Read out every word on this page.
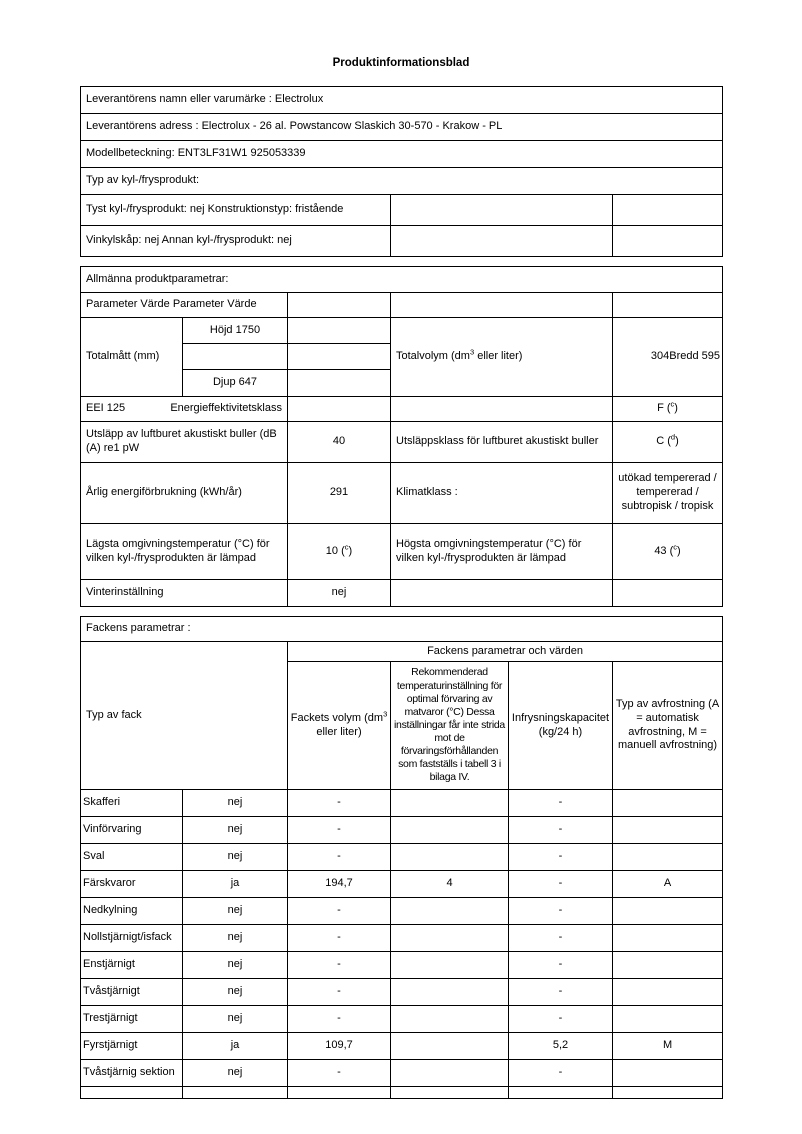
Produktinformationsblad
Leverantörens namn eller varumärke : Electrolux		
Leverantörens adress : Electrolux - 26 al. Powstancow Slaskich 30-570 - Krakow - PL		
Modellbeteckning: ENT3LF31W1 925053339		
Typ av kyl-/frysprodukt:		
Tyst kyl-/frysprodukt: nej Konstruktionstyp: fristående		
Vinkylskåp: nej Annan kyl-/frysprodukt: nej		
Allmänna produktparametrar:				
Parameter Värde Parameter Värde				
Totalmått (mm)	Höjd 1750		Totalvolym ($dm^3$ eller liter)	304Bredd 595

	Djup 647			

EEI 125 Energieffektivitetsklass				F ($^c$)
Utsläpp av luftburet akustiskt buller (dB (A) re1 pW		40	Utsläppsklass för luftburet akustiskt buller	C ($^d$)
Årlig energiförbrukning (kWh/år)		291	Klimatklass :	utökad tempererad / tempererad / subtropisk / tropisk
Lägsta omgivningstemperatur (°C) för vilken kyl-/frysprodukten är lämpad		10 ($^c$)	Högsta omgivningstemperatur (°C) för vilken kyl-/frysprodukten är lämpad	43 ($^c$)
Vinterinställning		nej		
Fackens parametrar :					
Typ av fack		Fackens parametrar och värden			
		Fackets volym ($dm^3$ eller liter)	Rekommenderad temperaturinställning för optimal förvaring av matvaror (°C) Dessa inställningar får inte strida mot de förvaringsförhållanden som fastställs i tabell 3 i bilaga IV.	Infrysningskapacitet (kg/24 h)	Typ av avfrostning (A = automatisk avfrostning, M = manuell avfrostning)
Skafferi	nej	-		-	
Vinförvaring	nej	-		-	
Sval	nej	-		-	
Färskvaror	ja	194,7	4	-	A
Nedkylning	nej	-		-	
Nollstjärnigt/isfack	nej	-		-	
Enstjärnigt	nej	-		-	
Tvåstjärnigt	nej	-		-	
Trestjärnigt	nej	-		-	
Fyrstjärnigt	ja	109,7		5,2	M
Tvåstjärnig sektion	nej	-		-	
